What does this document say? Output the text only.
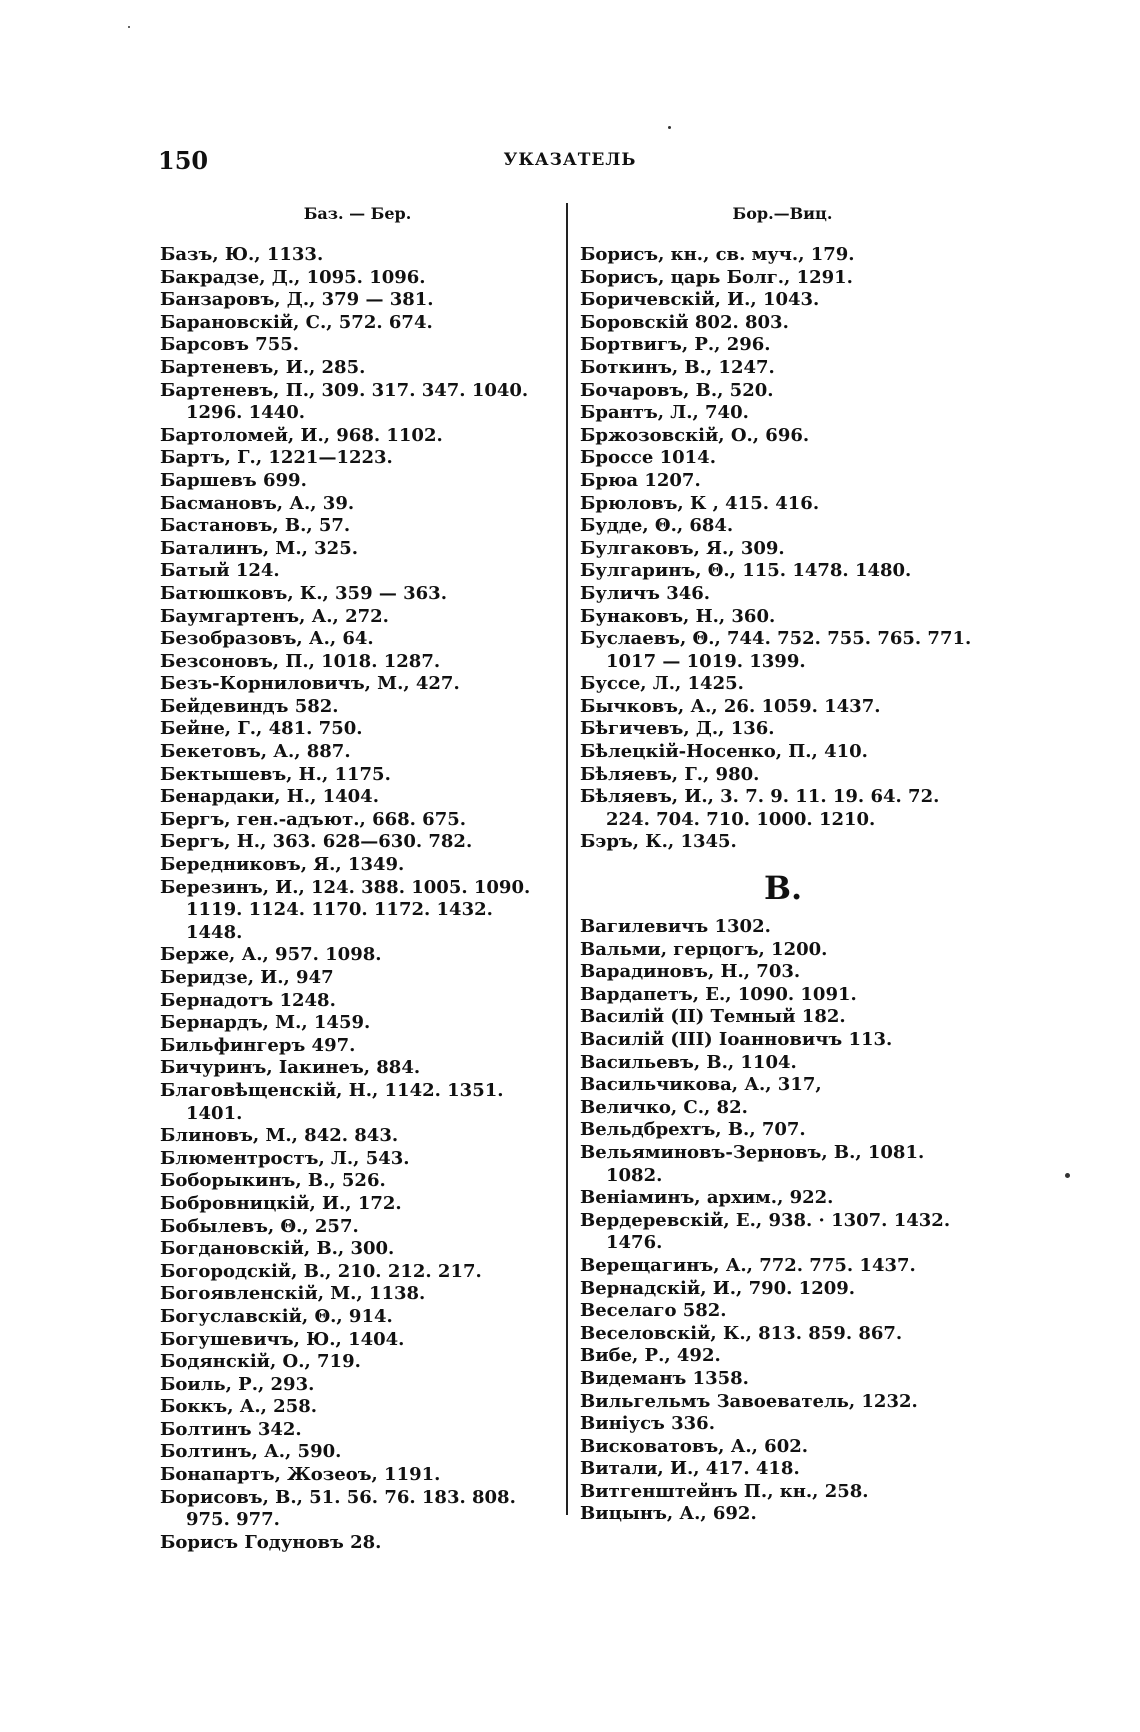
150	УКАЗАТЕЛЬ
Баз. — Бер.
Базъ, Ю., 1133.
Бакрадзе, Д., 1095. 1096.
Банзаровъ, Д., 379 — 381.
Барановскій, С., 572. 674.
Барсовъ 755.
Бартеневъ, И., 285.
Бартеневъ, П., 309. 317. 347. 1040. 1296. 1440.
Бартоломей, И., 968. 1102.
Бартъ, Г., 1221—1223.
Баршевъ 699.
Басмановъ, А., 39.
Бастановъ, В., 57.
Баталинъ, М., 325.
Батый 124.
Батюшковъ, К., 359 — 363.
Баумгартенъ, А., 272.
Безобразовъ, А., 64.
Безсоновъ, П., 1018. 1287.
Безъ-Корниловичъ, М., 427.
Бейдевиндъ 582.
Бейне, Г., 481. 750.
Бекетовъ, А., 887.
Бектышевъ, Н., 1175.
Бенардаки, Н., 1404.
Бергъ, ген.-адъют., 668. 675.
Бергъ, Н., 363. 628—630. 782.
Бередниковъ, Я., 1349.
Березинъ, И., 124. 388. 1005. 1090. 1119. 1124. 1170. 1172. 1432. 1448.
Берже, А., 957. 1098.
Беридзе, И., 947
Бернадотъ 1248.
Бернардъ, М., 1459.
Бильфингеръ 497.
Бичуринъ, Іакинеъ, 884.
Благовѣщенскій, Н., 1142. 1351. 1401.
Блиновъ, М., 842. 843.
Блюментростъ, Л., 543.
Боборыкинъ, В., 526.
Бобровницкій, И., 172.
Бобылевъ, Θ., 257.
Богдановскій, В., 300.
Богородскій, В., 210. 212. 217.
Богоявленскій, М., 1138.
Богуславскій, Θ., 914.
Богушевичъ, Ю., 1404.
Бодянскій, О., 719.
Боиль, Р., 293.
Боккъ, А., 258.
Болтинъ 342.
Болтинъ, А., 590.
Бонапартъ, Жозеоъ, 1191.
Борисовъ, В., 51. 56. 76. 183. 808. 975. 977.
Борисъ Годуновъ 28.
Бор.—Виц.
Борисъ, кн., св. муч., 179.
Борисъ, царь Болг., 1291.
Боричевскій, И., 1043.
Боровскій 802. 803.
Бортвигъ, Р., 296.
Боткинъ, В., 1247.
Бочаровъ, В., 520.
Брантъ, Л., 740.
Бржозовскій, О., 696.
Броссе 1014.
Брюа 1207.
Брюловъ, К , 415. 416.
Будде, Θ., 684.
Булгаковъ, Я., 309.
Булгаринъ, Θ., 115. 1478. 1480.
Буличъ 346.
Бунаковъ, Н., 360.
Буслаевъ, Θ., 744. 752. 755. 765. 771. 1017 — 1019. 1399.
Буссе, Л., 1425.
Бычковъ, А., 26. 1059. 1437.
Бѣгичевъ, Д., 136.
Бѣлецкій-Носенко, П., 410.
Бѣляевъ, Г., 980.
Бѣляевъ, И., 3. 7. 9. 11. 19. 64. 72. 224. 704. 710. 1000. 1210.
Бэръ, К., 1345.
В.
Вагилевичъ 1302.
Вальми, герцогъ, 1200.
Варадиновъ, Н., 703.
Вардапетъ, Е., 1090. 1091.
Василій (II) Темный 182.
Василій (III) Іоанновичъ 113.
Васильевъ, В., 1104.
Васильчикова, А., 317,
Величко, С., 82.
Вельдбрехтъ, В., 707.
Вельяминовъ-Зерновъ, В., 1081. 1082.
Веніаминъ, архим., 922.
Вердеревскій, Е., 938. · 1307. 1432. 1476.
Верещагинъ, А., 772. 775. 1437.
Вернадскій, И., 790. 1209.
Веселаго 582.
Веселовскій, К., 813. 859. 867.
Вибе, Р., 492.
Видеманъ 1358.
Вильгельмъ Завоеватель, 1232.
Виніусъ 336.
Висковатовъ, А., 602.
Витали, И., 417. 418.
Витгенштейнъ П., кн., 258.
Вицынъ, А., 692.
